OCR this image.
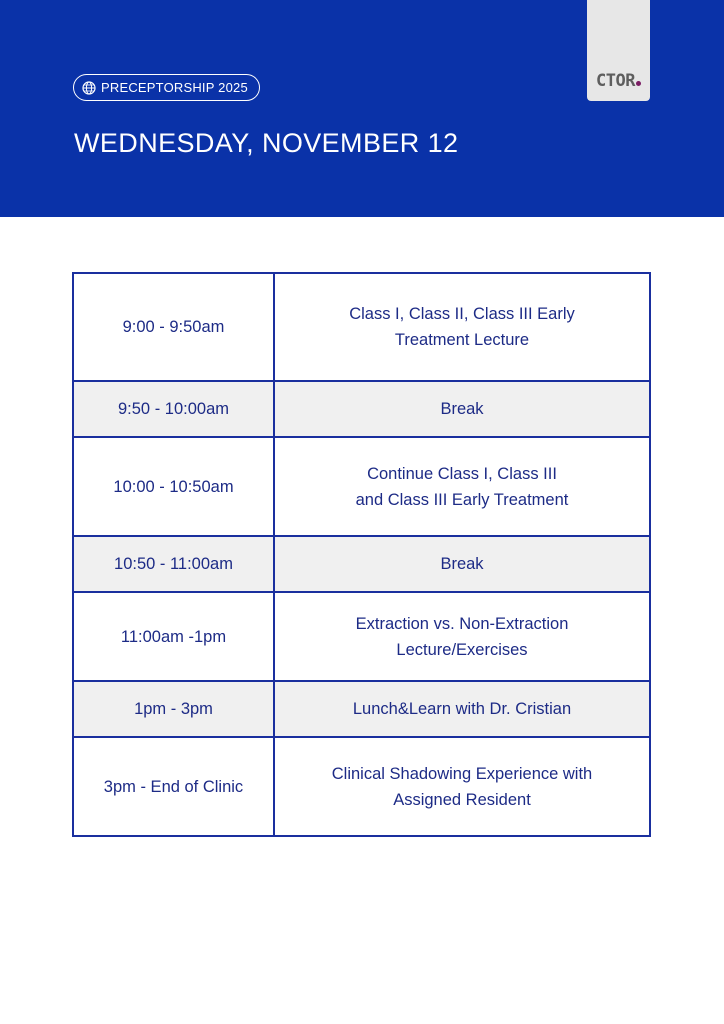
PRECEPTORSHIP 2025
WEDNESDAY, NOVEMBER 12
CTOR
9:00 - 9:50am	Class I, Class II, Class III Early
Treatment Lecture

9:50 - 10:00am	Break

10:00 - 10:50am	Continue Class I, Class III
and Class III Early Treatment

10:50 - 11:00am	Break

11:00am -1pm	Extraction vs. Non-Extraction
Lecture/Exercises

1pm - 3pm	Lunch&Learn with Dr. Cristian

3pm - End of Clinic	Clinical Shadowing Experience with
Assigned Resident
